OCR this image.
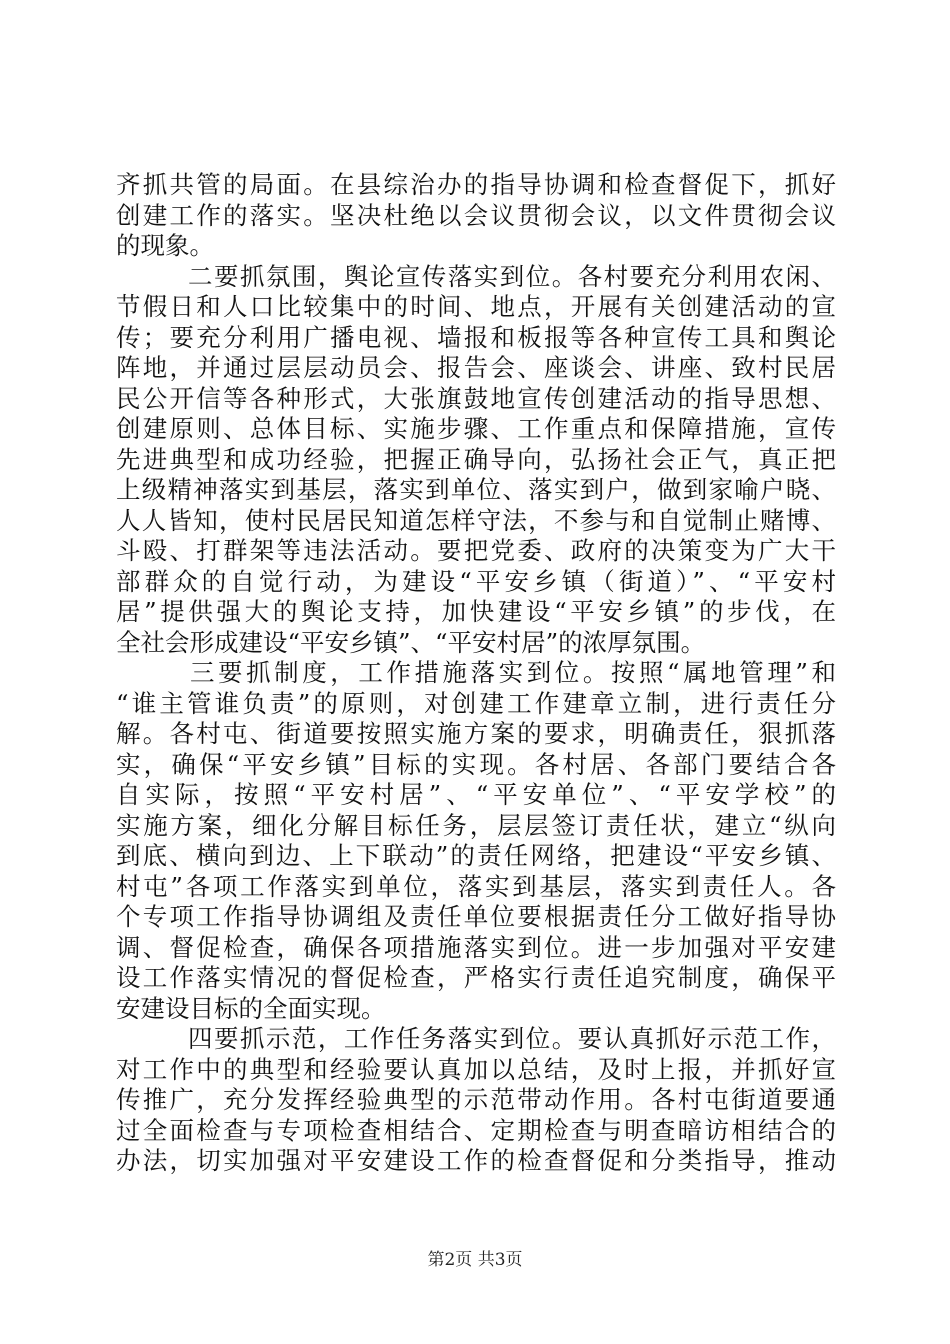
齐抓共管的局面。在县综治办的指导协调和检查督促下，抓好
创建工作的落实。坚决杜绝以会议贯彻会议，以文件贯彻会议
的现象。
二要抓氛围，舆论宣传落实到位。各村要充分利用农闲、
节假日和人口比较集中的时间、地点，开展有关创建活动的宣
传；要充分利用广播电视、墙报和板报等各种宣传工具和舆论
阵地，并通过层层动员会、报告会、座谈会、讲座、致村民居
民公开信等各种形式，大张旗鼓地宣传创建活动的指导思想、
创建原则、总体目标、实施步骤、工作重点和保障措施，宣传
先进典型和成功经验，把握正确导向，弘扬社会正气，真正把
上级精神落实到基层，落实到单位、落实到户，做到家喻户晓、
人人皆知，使村民居民知道怎样守法，不参与和自觉制止赌博、
斗殴、打群架等违法活动。要把党委、政府的决策变为广大干
部群众的自觉行动，为建设“平安乡镇（街道）”、“平安村
居”提供强大的舆论支持，加快建设“平安乡镇”的步伐，在
全社会形成建设“平安乡镇”、“平安村居”的浓厚氛围。
三要抓制度，工作措施落实到位。按照“属地管理”和
“谁主管谁负责”的原则，对创建工作建章立制，进行责任分
解。各村屯、街道要按照实施方案的要求，明确责任，狠抓落
实，确保“平安乡镇”目标的实现。各村居、各部门要结合各
自实际，按照“平安村居”、“平安单位”、“平安学校”的
实施方案，细化分解目标任务，层层签订责任状，建立“纵向
到底、横向到边、上下联动”的责任网络，把建设“平安乡镇、
村屯”各项工作落实到单位，落实到基层，落实到责任人。各
个专项工作指导协调组及责任单位要根据责任分工做好指导协
调、督促检查，确保各项措施落实到位。进一步加强对平安建
设工作落实情况的督促检查，严格实行责任追究制度，确保平
安建设目标的全面实现。
四要抓示范，工作任务落实到位。要认真抓好示范工作，
对工作中的典型和经验要认真加以总结，及时上报，并抓好宣
传推广，充分发挥经验典型的示范带动作用。各村屯街道要通
过全面检查与专项检查相结合、定期检查与明查暗访相结合的
办法，切实加强对平安建设工作的检查督促和分类指导，推动
第2页 共3页
